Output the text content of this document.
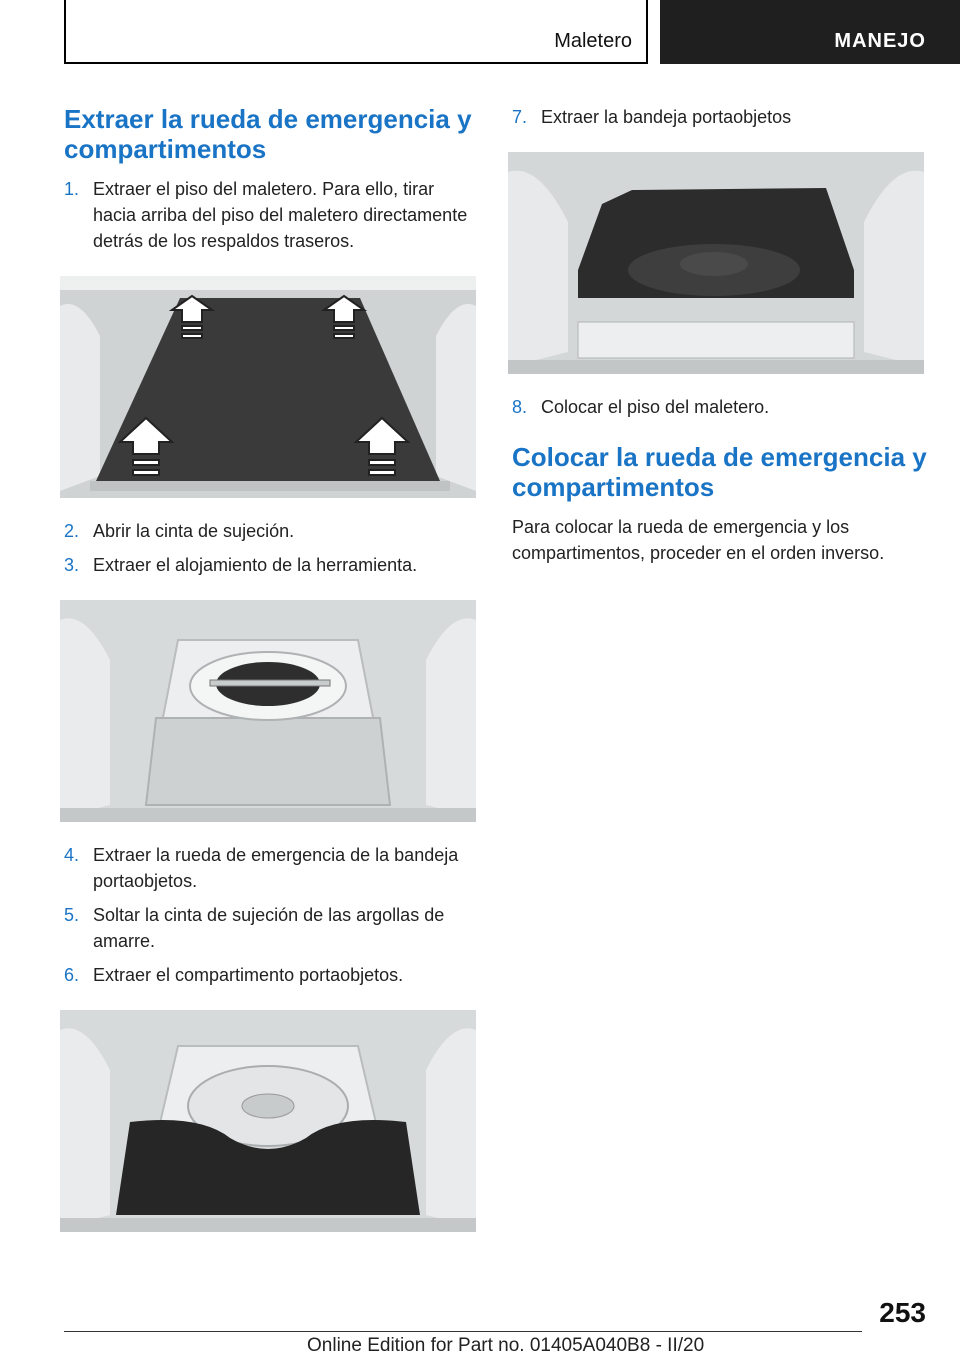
Maletero	MANEJO
Extraer la rueda de emergencia y compartimentos
1. Extraer el piso del maletero. Para ello, tirar hacia arriba del piso del maletero directamente detrás de los respaldos traseros.
2. Abrir la cinta de sujeción.
3. Extraer el alojamiento de la herramienta.
4. Extraer la rueda de emergencia de la bandeja portaobjetos.
5. Soltar la cinta de sujeción de las argollas de amarre.
6. Extraer el compartimento portaobjetos.
7. Extraer la bandeja portaobjetos
8. Colocar el piso del maletero.
Colocar la rueda de emergencia y compartimentos
Para colocar la rueda de emergencia y los compartimentos, proceder en el orden inverso.
253
Online Edition for Part no. 01405A040B8 - II/20
